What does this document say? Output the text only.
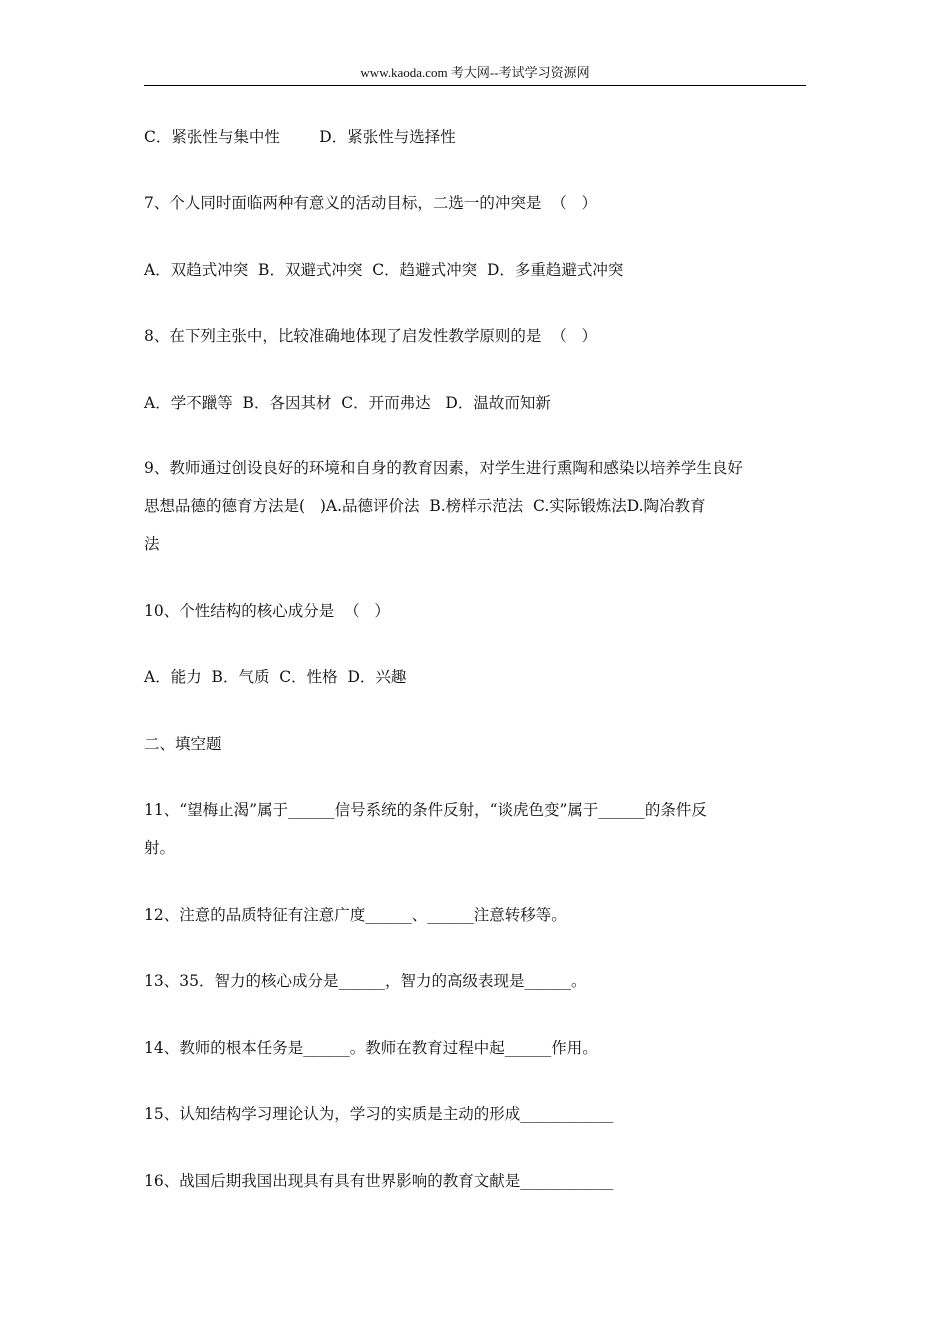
www.kaoda.com 考大网--考试学习资源网
C．紧张性与集中性        D．紧张性与选择性
7、个人同时面临两种有意义的活动目标，二选一的冲突是  （   ）
A．双趋式冲突  B．双避式冲突  C．趋避式冲突  D．多重趋避式冲突
8、在下列主张中，比较准确地体现了启发性教学原则的是  （   ）
A．学不躐等  B．各因其材  C．开而弗达   D．温故而知新
9、教师通过创设良好的环境和自身的教育因素，对学生进行熏陶和感染以培养学生良好
思想品德的德育方法是(   )A.品德评价法  B.榜样示范法  C.实际锻炼法D.陶冶教育
法
10、个性结构的核心成分是  （   ）
A．能力  B．气质  C．性格  D．兴趣
二、填空题
11、“望梅止渴”属于______信号系统的条件反射，“谈虎色变”属于______的条件反
射。
12、注意的品质特征有注意广度______、______注意转移等。
13、35．智力的核心成分是______，智力的高级表现是______。
14、教师的根本任务是______。教师在教育过程中起______作用。
15、认知结构学习理论认为，学习的实质是主动的形成____________
16、战国后期我国出现具有具有世界影响的教育文献是____________
